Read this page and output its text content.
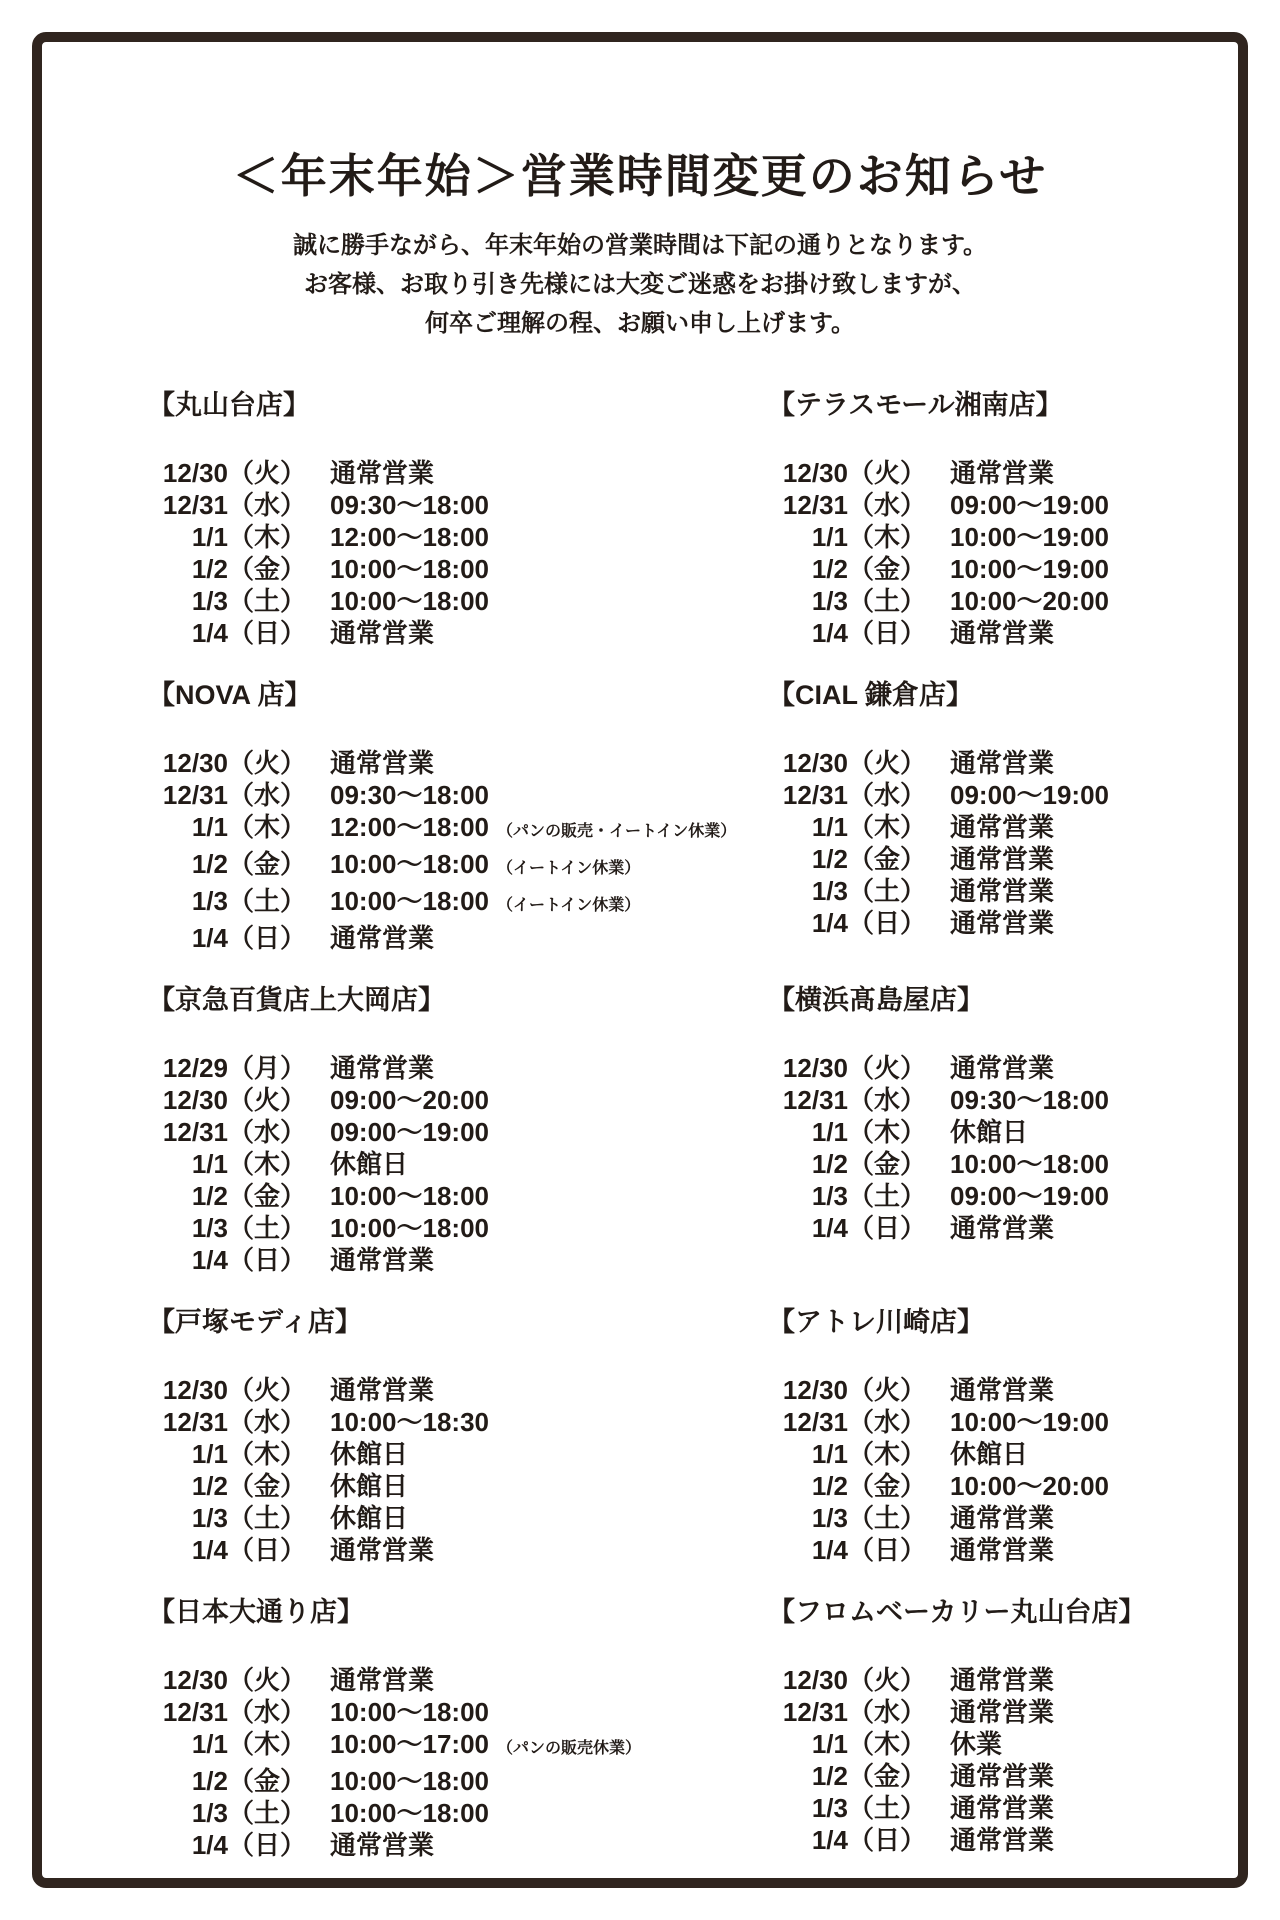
＜年末年始＞営業時間変更のお知らせ
誠に勝手ながら、年末年始の営業時間は下記の通りとなります。
お客様、お取り引き先様には大変ご迷惑をお掛け致しますが、
何卒ご理解の程、お願い申し上げます。
【丸山台店】
12/30 （火） 通常営業
12/31 （水） 09:30～18:00
1/1 （木） 12:00～18:00
1/2 （金） 10:00～18:00
1/3 （土） 10:00～18:00
1/4 （日） 通常営業
【テラスモール湘南店】
12/30 （火） 通常営業
12/31 （水） 09:00～19:00
1/1 （木） 10:00～19:00
1/2 （金） 10:00～19:00
1/3 （土） 10:00～20:00
1/4 （日） 通常営業
【NOVA 店】
12/30 （火） 通常営業
12/31 （水） 09:30～18:00
1/1 （木） 12:00～18:00 （パンの販売・イートイン休業）
1/2 （金） 10:00～18:00 （イートイン休業）
1/3 （土） 10:00～18:00 （イートイン休業）
1/4 （日） 通常営業
【CIAL 鎌倉店】
12/30 （火） 通常営業
12/31 （水） 09:00～19:00
1/1 （木） 通常営業
1/2 （金） 通常営業
1/3 （土） 通常営業
1/4 （日） 通常営業
【京急百貨店上大岡店】
12/29 （月） 通常営業
12/30 （火） 09:00～20:00
12/31 （水） 09:00～19:00
1/1 （木） 休館日
1/2 （金） 10:00～18:00
1/3 （土） 10:00～18:00
1/4 （日） 通常営業
【横浜髙島屋店】
12/30 （火） 通常営業
12/31 （水） 09:30～18:00
1/1 （木） 休館日
1/2 （金） 10:00～18:00
1/3 （土） 09:00～19:00
1/4 （日） 通常営業
【戸塚モディ店】
12/30 （火） 通常営業
12/31 （水） 10:00～18:30
1/1 （木） 休館日
1/2 （金） 休館日
1/3 （土） 休館日
1/4 （日） 通常営業
【アトレ川崎店】
12/30 （火） 通常営業
12/31 （水） 10:00～19:00
1/1 （木） 休館日
1/2 （金） 10:00～20:00
1/3 （土） 通常営業
1/4 （日） 通常営業
【日本大通り店】
12/30 （火） 通常営業
12/31 （水） 10:00～18:00
1/1 （木） 10:00～17:00 （パンの販売休業）
1/2 （金） 10:00～18:00
1/3 （土） 10:00～18:00
1/4 （日） 通常営業
【フロムベーカリー丸山台店】
12/30 （火） 通常営業
12/31 （水） 通常営業
1/1 （木） 休業
1/2 （金） 通常営業
1/3 （土） 通常営業
1/4 （日） 通常営業
